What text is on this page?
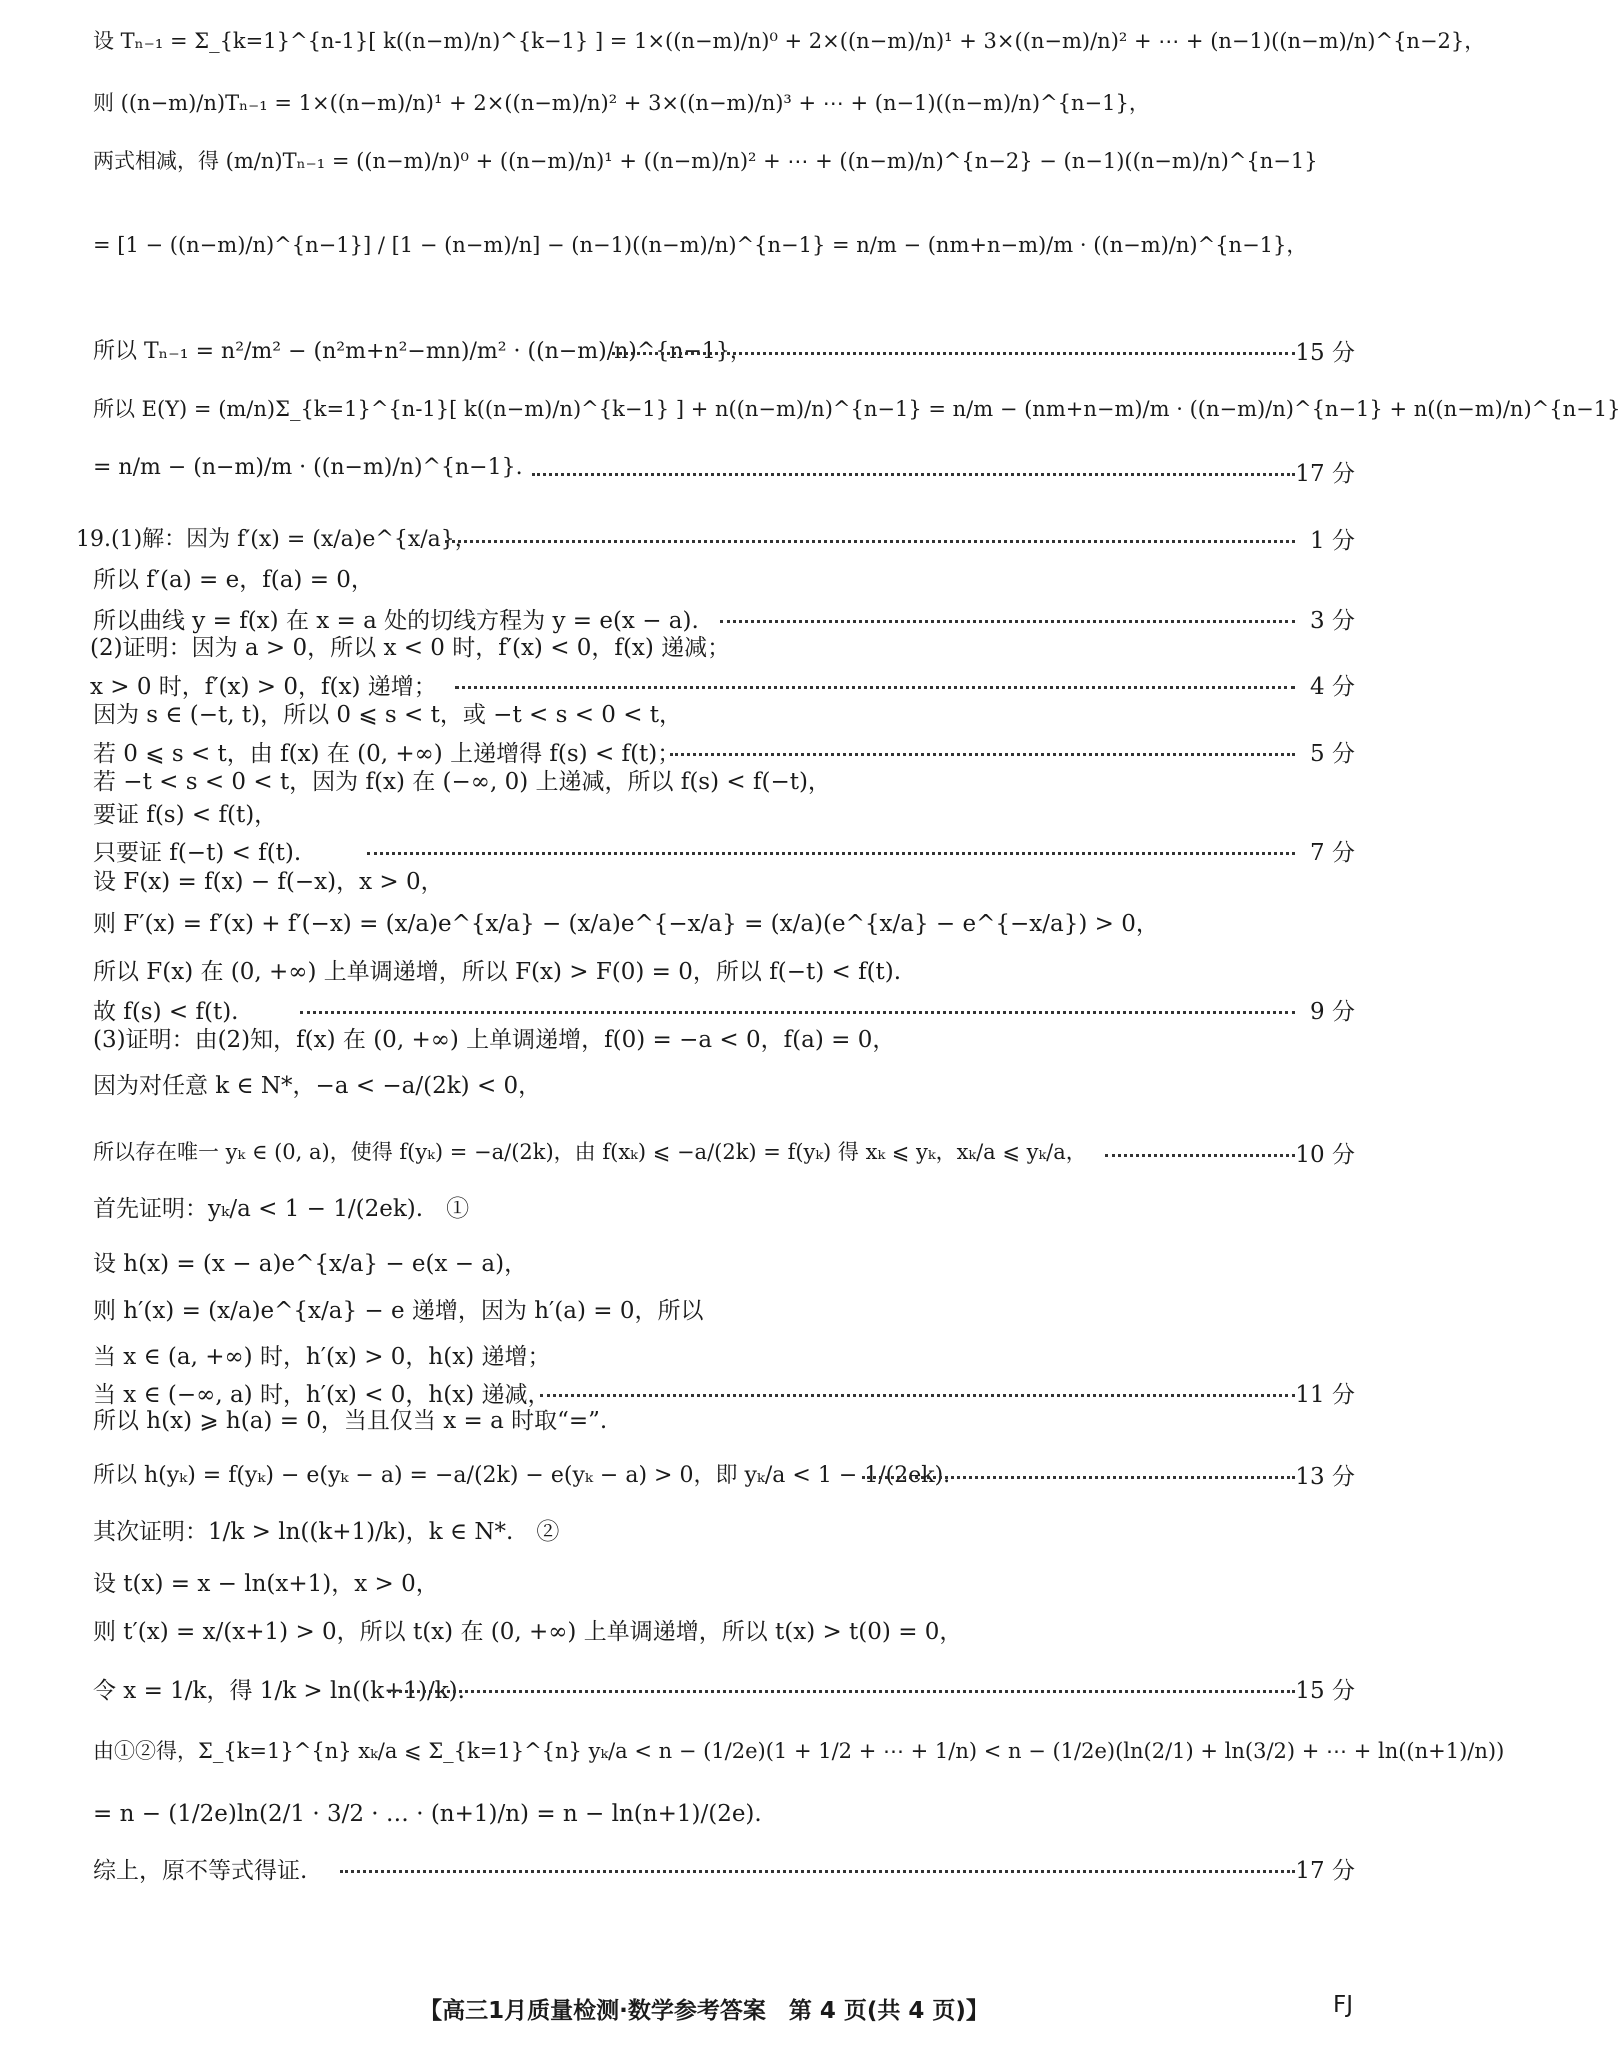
设 Tₙ₋₁ = Σ_{k=1}^{n-1}[ k((n−m)/n)^{k−1} ] = 1×((n−m)/n)⁰ + 2×((n−m)/n)¹ + 3×((n−m)/n)² + ⋯ + (n−1)((n−m)/n)^{n−2}，
则 ((n−m)/n)Tₙ₋₁ = 1×((n−m)/n)¹ + 2×((n−m)/n)² + 3×((n−m)/n)³ + ⋯ + (n−1)((n−m)/n)^{n−1}，
两式相减，得 (m/n)Tₙ₋₁ = ((n−m)/n)⁰ + ((n−m)/n)¹ + ((n−m)/n)² + ⋯ + ((n−m)/n)^{n−2} − (n−1)((n−m)/n)^{n−1}
= [1 − ((n−m)/n)^{n−1}] / [1 − (n−m)/n] − (n−1)((n−m)/n)^{n−1} = n/m − (nm+n−m)/m · ((n−m)/n)^{n−1}，
所以 Tₙ₋₁ = n²/m² − (n²m+n²−mn)/m² · ((n−m)/n)^{n−1}，	15 分
所以 E(Y) = (m/n)Σ_{k=1}^{n-1}[ k((n−m)/n)^{k−1} ] + n((n−m)/n)^{n−1} = n/m − (nm+n−m)/m · ((n−m)/n)^{n−1} + n((n−m)/n)^{n−1}
= n/m − (n−m)/m · ((n−m)/n)^{n−1}.	17 分
19.(1)解：因为 f′(x) = (x/a)e^{x/a}，	1 分
所以 f′(a) = e，f(a) = 0，
所以曲线 y = f(x) 在 x = a 处的切线方程为 y = e(x − a).	3 分
(2)证明：因为 a > 0，所以 x < 0 时，f′(x) < 0，f(x) 递减；
x > 0 时，f′(x) > 0，f(x) 递增；	4 分
因为 s ∈ (−t, t)，所以 0 ⩽ s < t，或 −t < s < 0 < t，
若 0 ⩽ s < t，由 f(x) 在 (0, +∞) 上递增得 f(s) < f(t)；	5 分
若 −t < s < 0 < t，因为 f(x) 在 (−∞, 0) 上递减，所以 f(s) < f(−t)，
要证 f(s) < f(t)，
只要证 f(−t) < f(t).	7 分
设 F(x) = f(x) − f(−x)，x > 0，
则 F′(x) = f′(x) + f′(−x) = (x/a)e^{x/a} − (x/a)e^{−x/a} = (x/a)(e^{x/a} − e^{−x/a}) > 0，
所以 F(x) 在 (0, +∞) 上单调递增，所以 F(x) > F(0) = 0，所以 f(−t) < f(t).
故 f(s) < f(t).	9 分
(3)证明：由(2)知，f(x) 在 (0, +∞) 上单调递增，f(0) = −a < 0，f(a) = 0，
因为对任意 k ∈ N*，−a < −a/(2k) < 0，
所以存在唯一 yₖ ∈ (0, a)，使得 f(yₖ) = −a/(2k)，由 f(xₖ) ⩽ −a/(2k) = f(yₖ) 得 xₖ ⩽ yₖ，xₖ/a ⩽ yₖ/a，	10 分
首先证明：yₖ/a < 1 − 1/(2ek).　①
设 h(x) = (x − a)e^{x/a} − e(x − a)，
则 h′(x) = (x/a)e^{x/a} − e 递增，因为 h′(a) = 0，所以
当 x ∈ (a, +∞) 时，h′(x) > 0，h(x) 递增；
当 x ∈ (−∞, a) 时，h′(x) < 0，h(x) 递减，	11 分
所以 h(x) ⩾ h(a) = 0，当且仅当 x = a 时取“=”.
所以 h(yₖ) = f(yₖ) − e(yₖ − a) = −a/(2k) − e(yₖ − a) > 0，即 yₖ/a < 1 − 1/(2ek).	13 分
其次证明：1/k > ln((k+1)/k)，k ∈ N*.　②
设 t(x) = x − ln(x+1)，x > 0，
则 t′(x) = x/(x+1) > 0，所以 t(x) 在 (0, +∞) 上单调递增，所以 t(x) > t(0) = 0，
令 x = 1/k，得 1/k > ln((k+1)/k).	15 分
由①②得，Σ_{k=1}^{n} xₖ/a ⩽ Σ_{k=1}^{n} yₖ/a < n − (1/2e)(1 + 1/2 + ⋯ + 1/n) < n − (1/2e)(ln(2/1) + ln(3/2) + ⋯ + ln((n+1)/n))
= n − (1/2e)ln(2/1 · 3/2 · … · (n+1)/n) = n − ln(n+1)/(2e).
综上，原不等式得证.	17 分
【高三1月质量检测·数学参考答案　第 4 页(共 4 页)】	FJ
